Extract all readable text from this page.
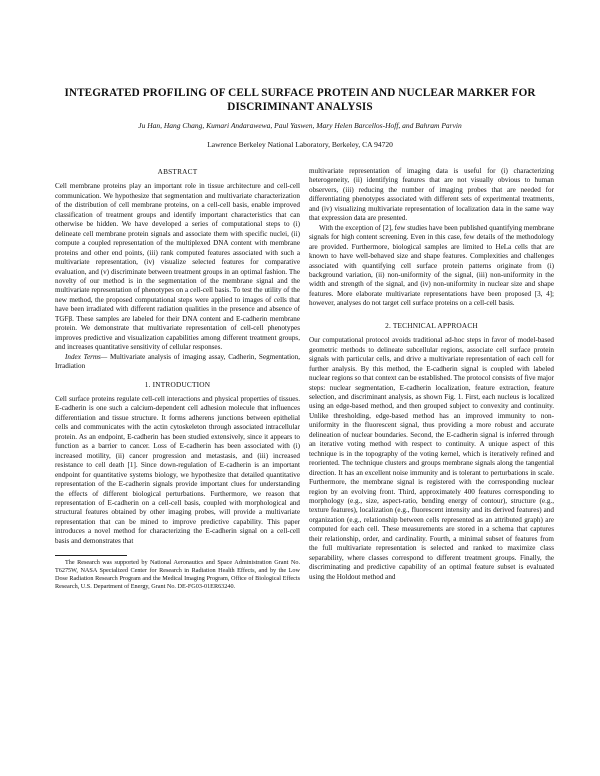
INTEGRATED PROFILING OF CELL SURFACE PROTEIN AND NUCLEAR MARKER FOR DISCRIMINANT ANALYSIS
Ju Han, Hang Chang, Kumari Andarawewa, Paul Yaswen, Mary Helen Barcellos-Hoff, and Bahram Parvin
Lawrence Berkeley National Laboratory, Berkeley, CA 94720
ABSTRACT

Cell membrane proteins play an important role in tissue architecture and cell-cell communication. We hypothesize that segmentation and multivariate characterization of the distribution of cell membrane proteins, on a cell-cell basis, enable improved classification of treatment groups and identify important characteristics that can otherwise be hidden. We have developed a series of computational steps to (i) delineate cell membrane protein signals and associate them with specific nuclei, (ii) compute a coupled representation of the multiplexed DNA content with membrane proteins and other end points, (iii) rank computed features associated with such a multivariate representation, (iv) visualize selected features for comparative evaluation, and (v) discriminate between treatment groups in an optimal fashion. The novelty of our method is in the segmentation of the membrane signal and the multivariate representation of phenotypes on a cell-cell basis. To test the utility of the new method, the proposed computational steps were applied to images of cells that have been irradiated with different radiation qualities in the presence and absence of TGFβ. These samples are labeled for their DNA content and E-cadherin membrane protein. We demonstrate that multivariate representation of cell-cell phenotypes improves predictive and visualization capabilities among different treatment groups, and increases quantitative sensitivity of cellular responses.

Index Terms— Multivariate analysis of imaging assay, Cadherin, Segmentation, Irradiation

1. INTRODUCTION

Cell surface proteins regulate cell-cell interactions and physical properties of tissues. E-cadherin is one such a calcium-dependent cell adhesion molecule that influences differentiation and tissue structure. It forms adherens junctions between epithelial cells and communicates with the actin cytoskeleton through associated intracellular protein. As an endpoint, E-cadherin has been studied extensively, since it appears to function as a barrier to cancer. Loss of E-cadherin has been associated with (i) increased motility, (ii) cancer progression and metastasis, and (iii) increased resistance to cell death [1]. Since down-regulation of E-cadherin is an important endpoint for quantitative systems biology, we hypothesize that detailed quantitative representation of the E-cadherin signals provide important clues for understanding the effects of different biological perturbations. Furthermore, we reason that representation of E-cadherin on a cell-cell basis, coupled with morphological and structural features obtained by other imaging probes, will provide a multivariate representation that can be mined to improve predictive capability. This paper introduces a novel method for characterizing the E-cadherin signal on a cell-cell basis and demonstrates that

The Research was supported by National Aeronautics and Space Administration Grant No. T6275W, NASA Specialized Center for Research in Radiation Health Effects, and by the Low Dose Radiation Research Program and the Medical Imaging Program, Office of Biological Effects Research, U.S. Department of Energy, Grant No. DE-FG03-01ER63240.

multivariate representation of imaging data is useful for (i) characterizing heterogeneity, (ii) identifying features that are not visually obvious to human observers, (iii) reducing the number of imaging probes that are needed for differentiating phenotypes associated with different sets of experimental treatments, and (iv) visualizing multivariate representation of localization data in the same way that expression data are presented.

With the exception of [2], few studies have been published quantifying membrane signals for high content screening. Even in this case, few details of the methodology are provided. Furthermore, biological samples are limited to HeLa cells that are known to have well-behaved size and shape features. Complexities and challenges associated with quantifying cell surface protein patterns originate from (i) background variation, (ii) non-uniformity of the signal, (iii) non-uniformity in the width and strength of the signal, and (iv) non-uniformity in nuclear size and shape features. More elaborate multivariate representations have been proposed [3, 4]; however, analyses do not target cell surface proteins on a cell-cell basis.

2. TECHNICAL APPROACH

Our computational protocol avoids traditional ad-hoc steps in favor of model-based geometric methods to delineate subcellular regions, associate cell surface protein signals with particular cells, and drive a multivariate representation of each cell for further analysis. By this method, the E-cadherin signal is coupled with labeled nuclear regions so that context can be established. The protocol consists of five major steps: nuclear segmentation, E-cadherin localization, feature extraction, feature selection, and discriminant analysis, as shown Fig. 1. First, each nucleus is localized using an edge-based method, and then grouped subject to convexity and continuity. Unlike thresholding, edge-based method has an improved immunity to non-uniformity in the fluorescent signal, thus providing a more robust and accurate delineation of nuclear boundaries. Second, the E-cadherin signal is inferred through an iterative voting method with respect to continuity. A unique aspect of this technique is in the topography of the voting kernel, which is iteratively refined and reoriented. The technique clusters and groups membrane signals along the tangential direction. It has an excellent noise immunity and is tolerant to perturbations in scale. Furthermore, the membrane signal is registered with the corresponding nuclear region by an evolving front. Third, approximately 400 features corresponding to morphology (e.g., size, aspect-ratio, bending energy of contour), structure (e.g., texture features), localization (e.g., fluorescent intensity and its derived features) and organization (e.g., relationship between cells represented as an attributed graph) are computed for each cell. These measurements are stored in a schema that captures their relationship, order, and cardinality. Fourth, a minimal subset of features from the full multivariate representation is selected and ranked to maximize class separability, where classes correspond to different treatment groups. Finally, the discriminating and predictive capability of an optimal feature subset is evaluated using the Holdout method and
